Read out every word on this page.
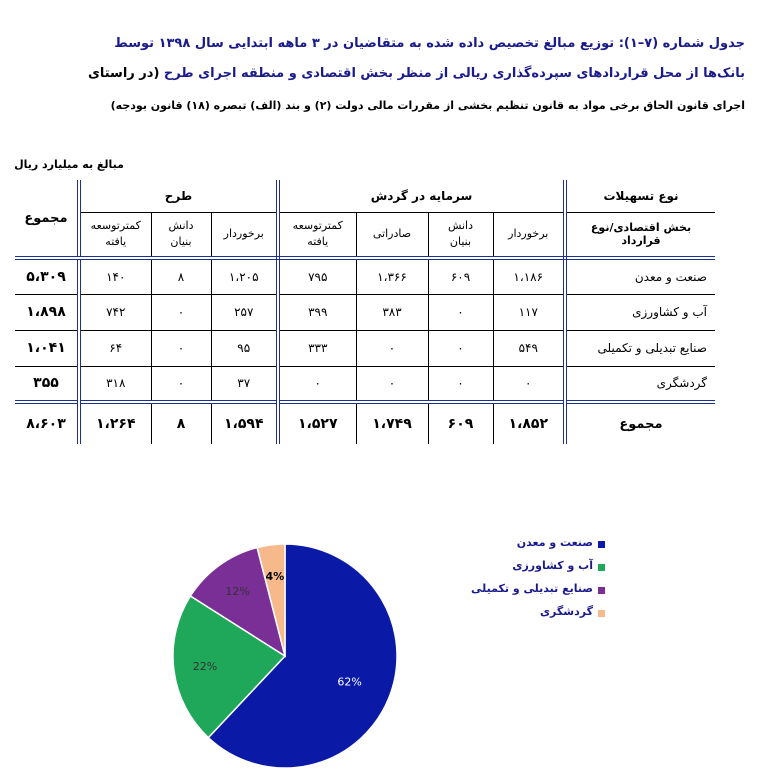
جدول شماره (۷–۱): توزیع مبالغ تخصیص داده شده به متقاضیان در ۳ ماهه ابتدایی سال ۱۳۹۸ توسط
بانک‌ها از محل قراردادهای سپرده‌گذاری ریالی از منظر بخش اقتصادی و منطقه اجرای طرح (در راستای
اجرای قانون الحاق برخی مواد به قانون تنظیم بخشی از مقررات مالی دولت (۲) و بند (الف) تبصره (۱۸) قانون بودجه)
مبالغ به میلیارد ریال
نوع تسهیلات	سرمایه در گردش				طرح			مجموع
بخش اقتصادی/نوع قرارداد	برخوردار	دانش
بنیان	صادراتی	کمترتوسعه
یافته	برخوردار	دانش
بنیان	کمترتوسعه
یافته	
صنعت و معدن	۱،۱۸۶	۶۰۹	۱،۳۶۶	۷۹۵	۱،۲۰۵	۸	۱۴۰	۵،۳۰۹
آب و کشاورزی	۱۱۷	۰	۳۸۳	۳۹۹	۲۵۷	۰	۷۴۲	۱،۸۹۸
صنایع تبدیلی و تکمیلی	۵۴۹	۰	۰	۳۳۳	۹۵	۰	۶۴	۱،۰۴۱
گردشگری	۰	۰	۰	۰	۳۷	۰	۳۱۸	۳۵۵
مجموع	۱،۸۵۲	۶۰۹	۱،۷۴۹	۱،۵۲۷	۱،۵۹۴	۸	۱،۲۶۴	۸،۶۰۳
62%
22%
12%
4%
صنعت و معدن
آب و کشاورزی
صنایع تبدیلی و تکمیلی
گردشگری
